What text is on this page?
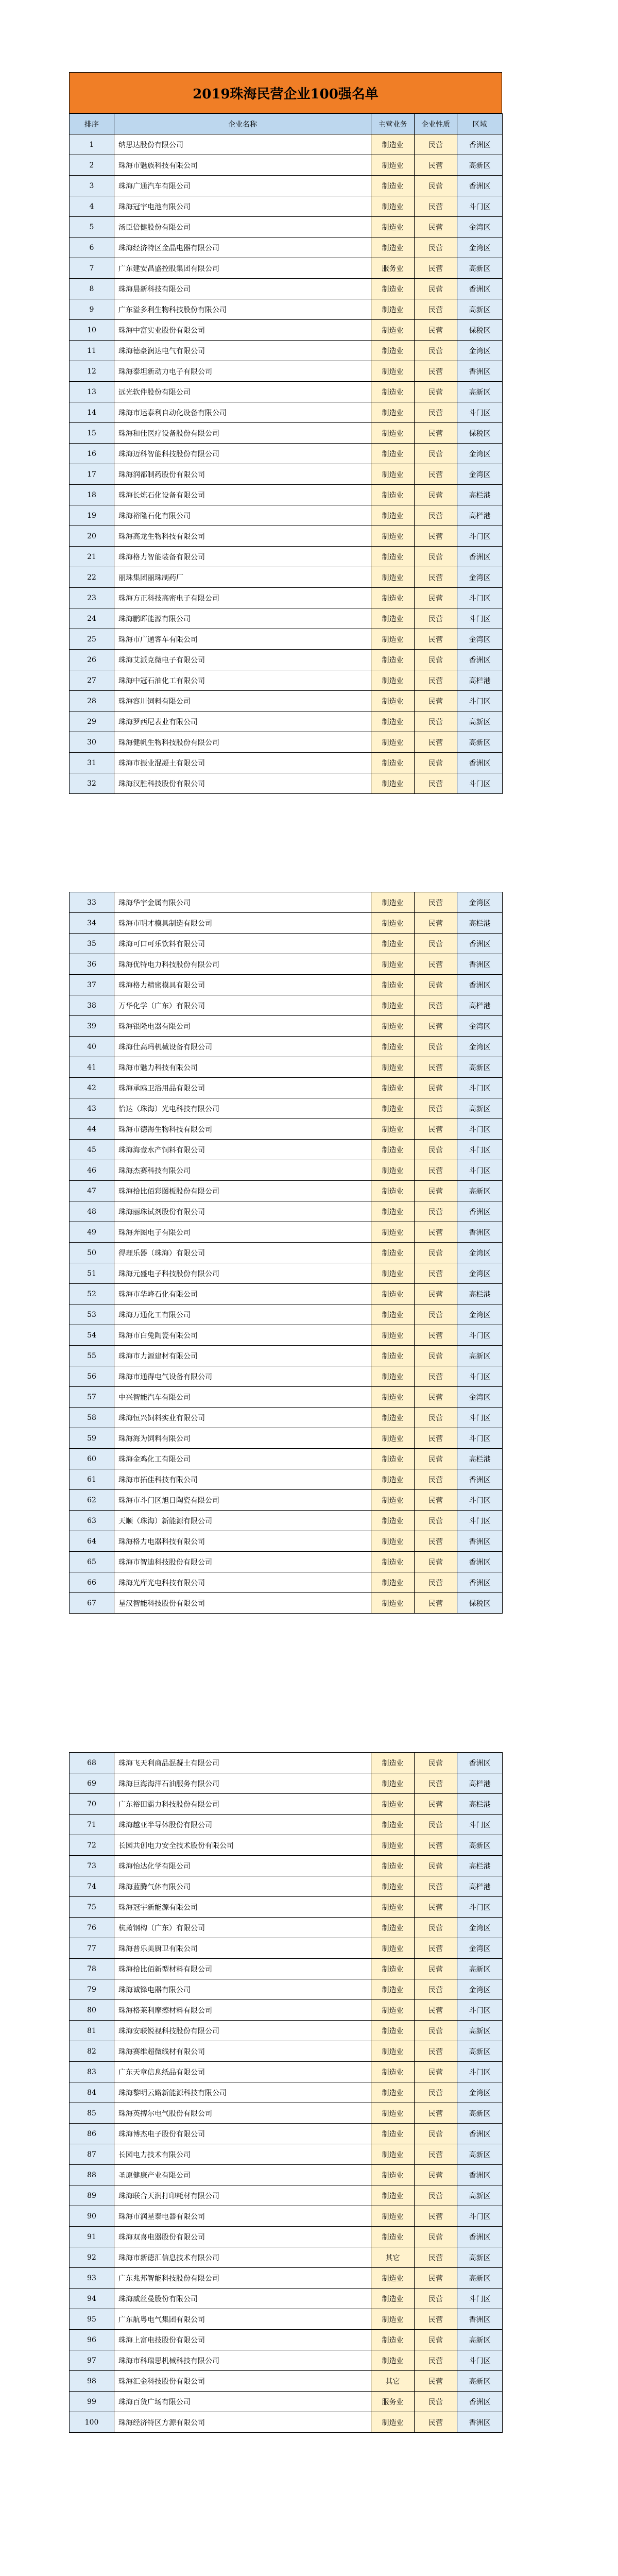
2019珠海民营企业100强名单
排序	企业名称	主营业务	企业性质	区域
1	纳思达股份有限公司	制造业	民营	香洲区
2	珠海市魅族科技有限公司	制造业	民营	高新区
3	珠海广通汽车有限公司	制造业	民营	香洲区
4	珠海冠宇电池有限公司	制造业	民营	斗门区
5	汤臣倍健股份有限公司	制造业	民营	金湾区
6	珠海经济特区金晶电器有限公司	制造业	民营	金湾区
7	广东建安昌盛控股集团有限公司	服务业	民营	高新区
8	珠海晨新科技有限公司	制造业	民营	香洲区
9	广东溢多利生物科技股份有限公司	制造业	民营	高新区
10	珠海中富实业股份有限公司	制造业	民营	保税区
11	珠海德豪润达电气有限公司	制造业	民营	金湾区
12	珠海泰坦新动力电子有限公司	制造业	民营	香洲区
13	远光软件股份有限公司	制造业	民营	高新区
14	珠海市运泰利自动化设备有限公司	制造业	民营	斗门区
15	珠海和佳医疗设备股份有限公司	制造业	民营	保税区
16	珠海迈科智能科技股份有限公司	制造业	民营	金湾区
17	珠海润都制药股份有限公司	制造业	民营	金湾区
18	珠海长炼石化设备有限公司	制造业	民营	高栏港
19	珠海裕隆石化有限公司	制造业	民营	高栏港
20	珠海高龙生物科技有限公司	制造业	民营	斗门区
21	珠海格力智能装备有限公司	制造业	民营	香洲区
22	丽珠集团丽珠制药厂	制造业	民营	金湾区
23	珠海方正科技高密电子有限公司	制造业	民营	斗门区
24	珠海鹏晖能源有限公司	制造业	民营	斗门区
25	珠海市广通客车有限公司	制造业	民营	金湾区
26	珠海艾派克微电子有限公司	制造业	民营	香洲区
27	珠海中冠石油化工有限公司	制造业	民营	高栏港
28	珠海容川饲料有限公司	制造业	民营	斗门区
29	珠海罗西尼表业有限公司	制造业	民营	高新区
30	珠海健帆生物科技股份有限公司	制造业	民营	高新区
31	珠海市振业混凝土有限公司	制造业	民营	香洲区
32	珠海汉胜科技股份有限公司	制造业	民营	斗门区
33	珠海华宇金属有限公司	制造业	民营	金湾区
34	珠海市明才模具制造有限公司	制造业	民营	高栏港
35	珠海可口可乐饮料有限公司	制造业	民营	香洲区
36	珠海优特电力科技股份有限公司	制造业	民营	香洲区
37	珠海格力精密模具有限公司	制造业	民营	香洲区
38	万华化学（广东）有限公司	制造业	民营	高栏港
39	珠海银隆电器有限公司	制造业	民营	金湾区
40	珠海仕高玛机械设备有限公司	制造业	民营	金湾区
41	珠海市魅力科技有限公司	制造业	民营	高新区
42	珠海承鸥卫浴用品有限公司	制造业	民营	斗门区
43	怡达（珠海）光电科技有限公司	制造业	民营	高新区
44	珠海市德海生物科技有限公司	制造业	民营	斗门区
45	珠海海壹水产饲料有限公司	制造业	民营	斗门区
46	珠海杰赛科技有限公司	制造业	民营	斗门区
47	珠海拾比佰彩图板股份有限公司	制造业	民营	高新区
48	珠海丽珠试剂股份有限公司	制造业	民营	香洲区
49	珠海奔图电子有限公司	制造业	民营	香洲区
50	得理乐器（珠海）有限公司	制造业	民营	金湾区
51	珠海元盛电子科技股份有限公司	制造业	民营	金湾区
52	珠海市华峰石化有限公司	制造业	民营	高栏港
53	珠海万通化工有限公司	制造业	民营	金湾区
54	珠海市白兔陶瓷有限公司	制造业	民营	斗门区
55	珠海市力源建材有限公司	制造业	民营	高新区
56	珠海市通得电气设备有限公司	制造业	民营	斗门区
57	中兴智能汽车有限公司	制造业	民营	金湾区
58	珠海恒兴饲料实业有限公司	制造业	民营	斗门区
59	珠海海为饲料有限公司	制造业	民营	斗门区
60	珠海金鸡化工有限公司	制造业	民营	高栏港
61	珠海市拓佳科技有限公司	制造业	民营	香洲区
62	珠海市斗门区旭日陶瓷有限公司	制造业	民营	斗门区
63	天顺（珠海）新能源有限公司	制造业	民营	斗门区
64	珠海格力电器科技有限公司	制造业	民营	香洲区
65	珠海市智迪科技股份有限公司	制造业	民营	香洲区
66	珠海光库光电科技有限公司	制造业	民营	香洲区
67	星汉智能科技股份有限公司	制造业	民营	保税区
68	珠海飞天利商品混凝土有限公司	制造业	民营	香洲区
69	珠海巨海海洋石油服务有限公司	制造业	民营	高栏港
70	广东裕田霸力科技股份有限公司	制造业	民营	高栏港
71	珠海越亚半导体股份有限公司	制造业	民营	斗门区
72	长园共创电力安全技术股份有限公司	制造业	民营	高新区
73	珠海怡达化学有限公司	制造业	民营	高栏港
74	珠海蓝腾气体有限公司	制造业	民营	高栏港
75	珠海冠宇新能源有限公司	制造业	民营	斗门区
76	杭萧钢构（广东）有限公司	制造业	民营	金湾区
77	珠海普乐美厨卫有限公司	制造业	民营	金湾区
78	珠海拾比佰新型材料有限公司	制造业	民营	高新区
79	珠海诚锋电器有限公司	制造业	民营	金湾区
80	珠海格莱利摩擦材料有限公司	制造业	民营	斗门区
81	珠海安联锐视科技股份有限公司	制造业	民营	高新区
82	珠海赛维超微线材有限公司	制造业	民营	高新区
83	广东天章信息纸品有限公司	制造业	民营	斗门区
84	珠海黎明云路新能源科技有限公司	制造业	民营	金湾区
85	珠海英搏尔电气股份有限公司	制造业	民营	高新区
86	珠海博杰电子股份有限公司	制造业	民营	香洲区
87	长园电力技术有限公司	制造业	民营	高新区
88	圣原健康产业有限公司	制造业	民营	香洲区
89	珠海联合天润打印耗材有限公司	制造业	民营	高新区
90	珠海市润星泰电器有限公司	制造业	民营	斗门区
91	珠海双喜电器股份有限公司	制造业	民营	香洲区
92	珠海市新德汇信息技术有限公司	其它	民营	高新区
93	广东兆邦智能科技股份有限公司	制造业	民营	高新区
94	珠海威丝曼股份有限公司	制造业	民营	斗门区
95	广东航粤电气集团有限公司	制造业	民营	香洲区
96	珠海上富电技股份有限公司	制造业	民营	高新区
97	珠海市科瑞思机械科技有限公司	制造业	民营	斗门区
98	珠海汇金科技股份有限公司	其它	民营	高新区
99	珠海百货广场有限公司	服务业	民营	香洲区
100	珠海经济特区方源有限公司	制造业	民营	香洲区
